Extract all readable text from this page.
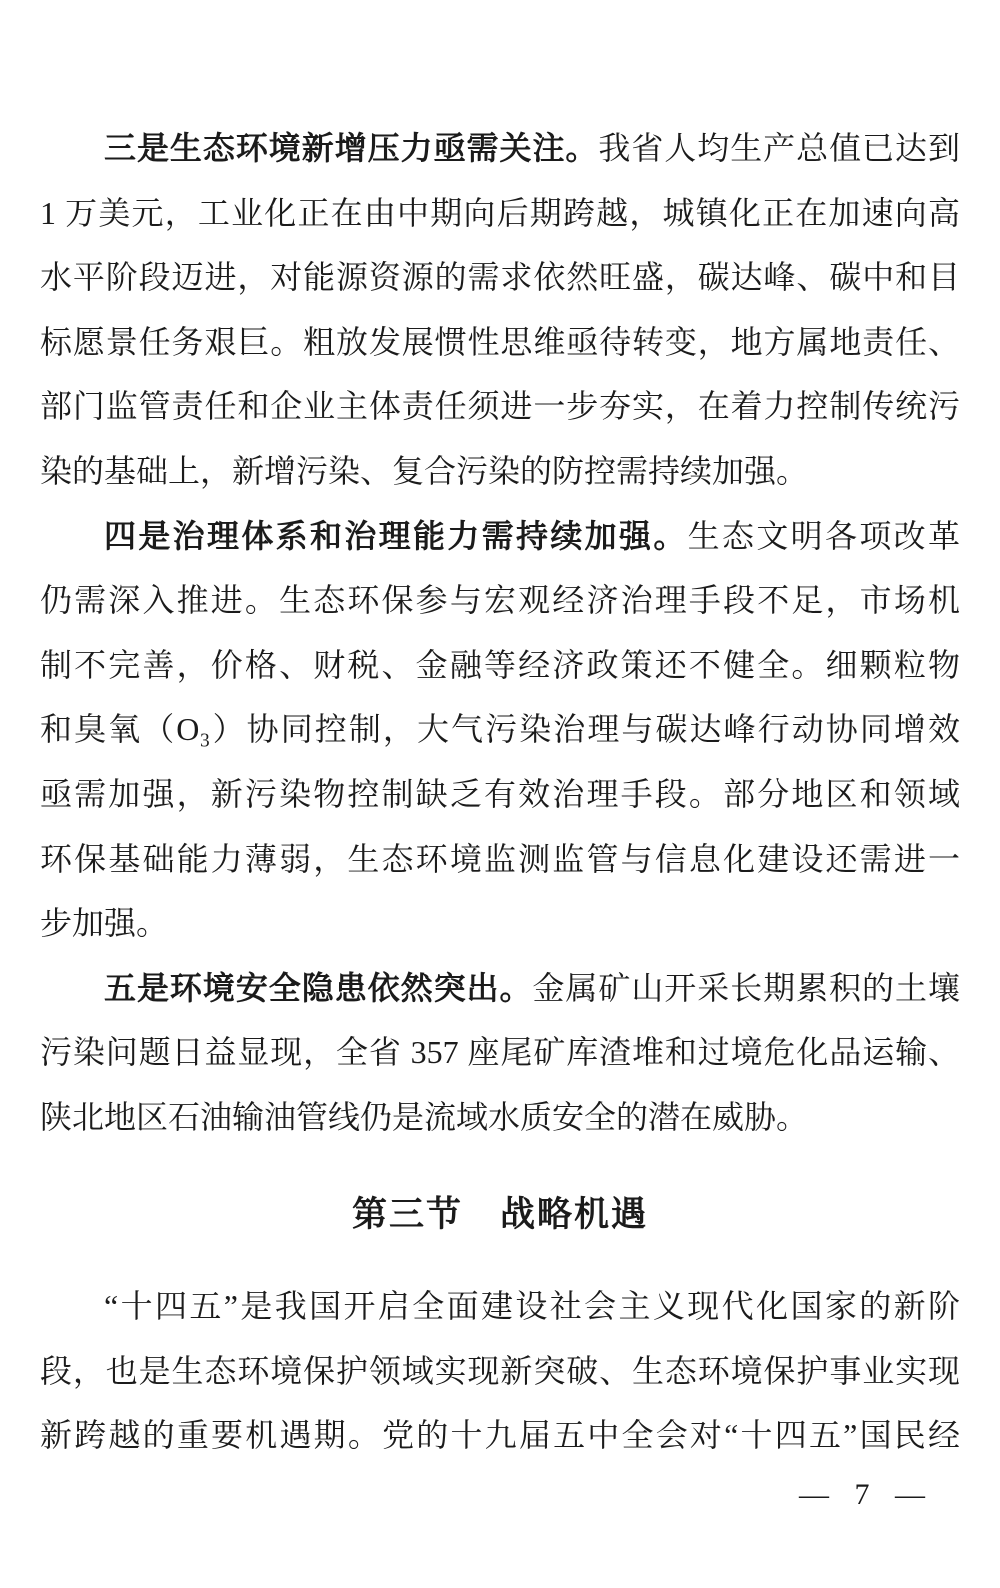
三是生态环境新增压力亟需关注。我省人均生产总值已达到
1 万美元，工业化正在由中期向后期跨越，城镇化正在加速向高
水平阶段迈进，对能源资源的需求依然旺盛，碳达峰、碳中和目
标愿景任务艰巨。粗放发展惯性思维亟待转变，地方属地责任、
部门监管责任和企业主体责任须进一步夯实，在着力控制传统污
染的基础上，新增污染、复合污染的防控需持续加强。
四是治理体系和治理能力需持续加强。生态文明各项改革
仍需深入推进。生态环保参与宏观经济治理手段不足，市场机
制不完善，价格、财税、金融等经济政策还不健全。细颗粒物
和臭氧（O₃）协同控制，大气污染治理与碳达峰行动协同增效
亟需加强，新污染物控制缺乏有效治理手段。部分地区和领域
环保基础能力薄弱，生态环境监测监管与信息化建设还需进一
步加强。
五是环境安全隐患依然突出。金属矿山开采长期累积的土壤
污染问题日益显现，全省 357 座尾矿库渣堆和过境危化品运输、
陕北地区石油输油管线仍是流域水质安全的潜在威胁。
第三节　战略机遇
“十四五”是我国开启全面建设社会主义现代化国家的新阶
段，也是生态环境保护领域实现新突破、生态环境保护事业实现
新跨越的重要机遇期。党的十九届五中全会对“十四五”国民经
— 7 —
